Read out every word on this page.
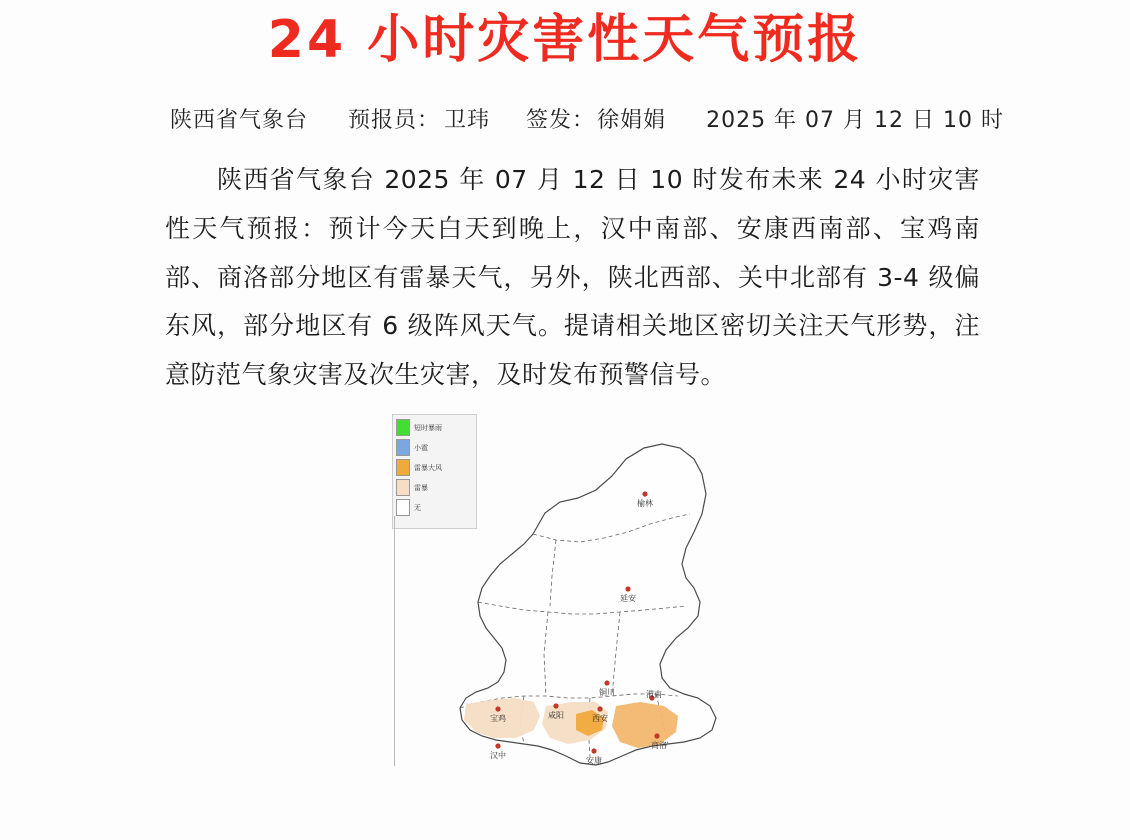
24 小时灾害性天气预报
陕西省气象台 预报员： 卫玮 签发： 徐娟娟 2025 年 07 月 12 日 10 时
陕西省气象台 2025 年 07 月 12 日 10 时发布未来 24 小时灾害性天气预报：预计今天白天到晚上，汉中南部、安康西南部、宝鸡南部、商洛部分地区有雷暴天气，另外，陕北西部、关中北部有 3-4 级偏东风，部分地区有 6 级阵风天气。提请相关地区密切关注天气形势，注意防范气象灾害及次生灾害，及时发布预警信号。
短时暴雨
小雹
雷暴大风
雷暴
无	榆林
延安
铜川
宝鸡	咸阳	西安
渭南
商洛
汉中
安康
